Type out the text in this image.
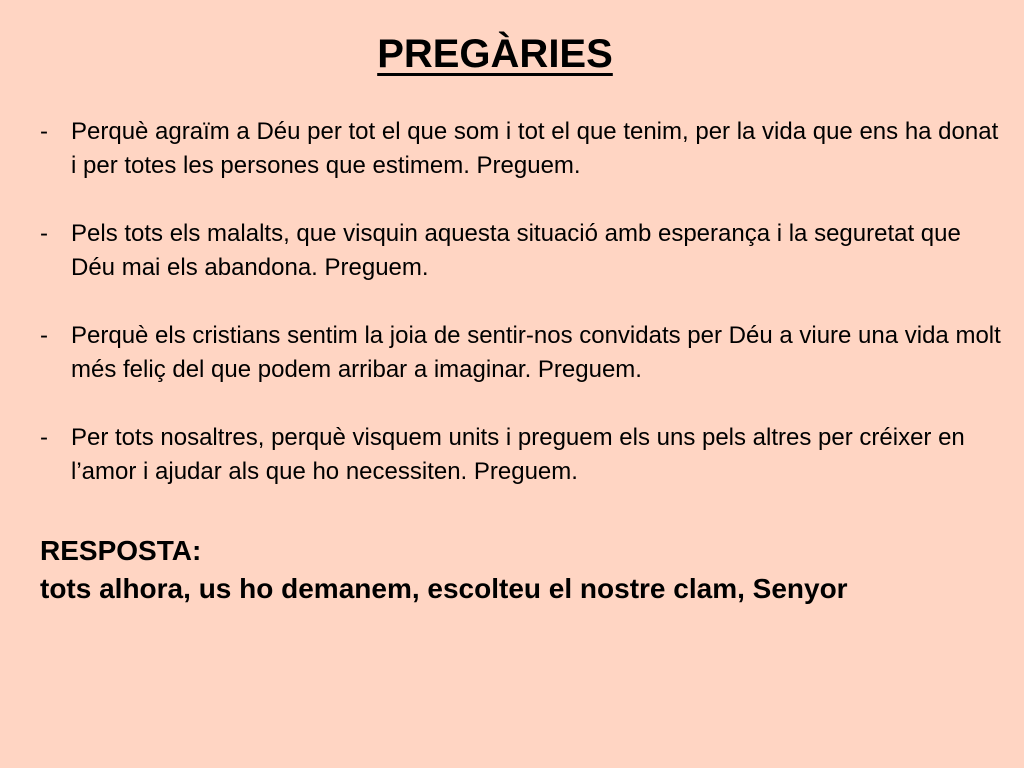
PREGÀRIES
- Perquè agraïm a Déu per tot el que som i tot el que tenim, per la vida que ens ha donat i per totes les persones que estimem. Preguem.
- Pels tots els malalts, que visquin aquesta situació amb esperança i la seguretat que Déu mai els abandona. Preguem.
- Perquè els cristians sentim la joia de sentir-nos convidats per Déu a viure una vida molt més feliç del que podem arribar a imaginar. Preguem.
- Per tots nosaltres, perquè visquem units i preguem els uns pels altres per créixer en l’amor i ajudar als que ho necessiten. Preguem.

RESPOSTA:

tots alhora, us ho demanem, escolteu el nostre clam, Senyor
